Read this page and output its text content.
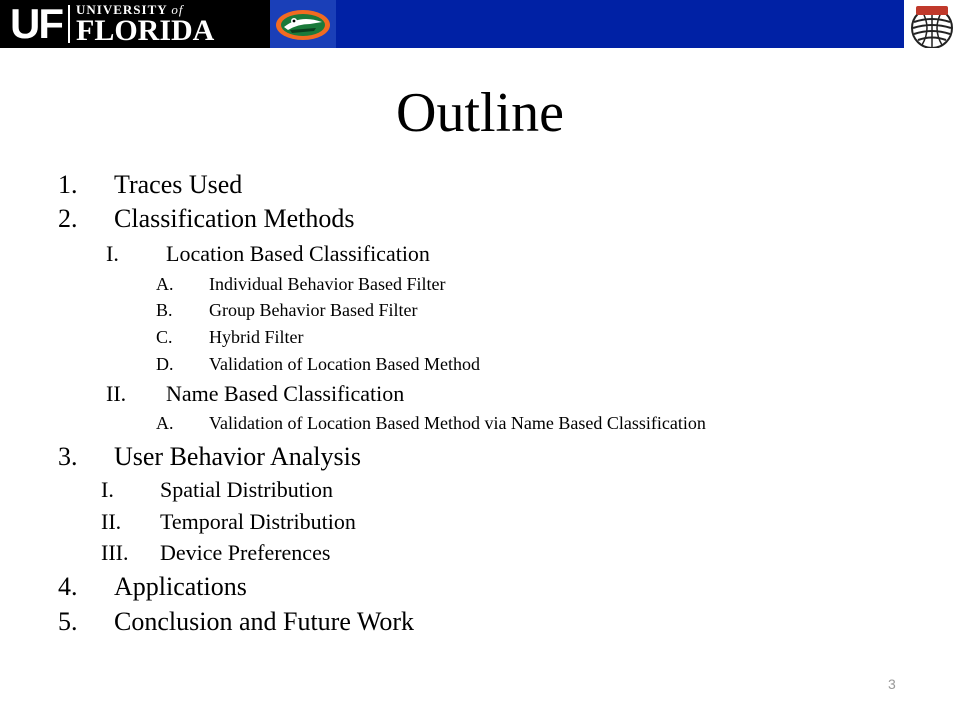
UF UNIVERSITY of
FLORIDA
Outline
1. Traces Used
2. Classification Methods
I. Location Based Classification
A. Individual Behavior Based Filter
B. Group Behavior Based Filter
C. Hybrid Filter
D. Validation of Location Based Method
II. Name Based Classification
A. Validation of Location Based Method via Name Based Classification
3. User Behavior Analysis
I. Spatial Distribution
II. Temporal Distribution
III. Device Preferences
4. Applications
5. Conclusion and Future Work
3
